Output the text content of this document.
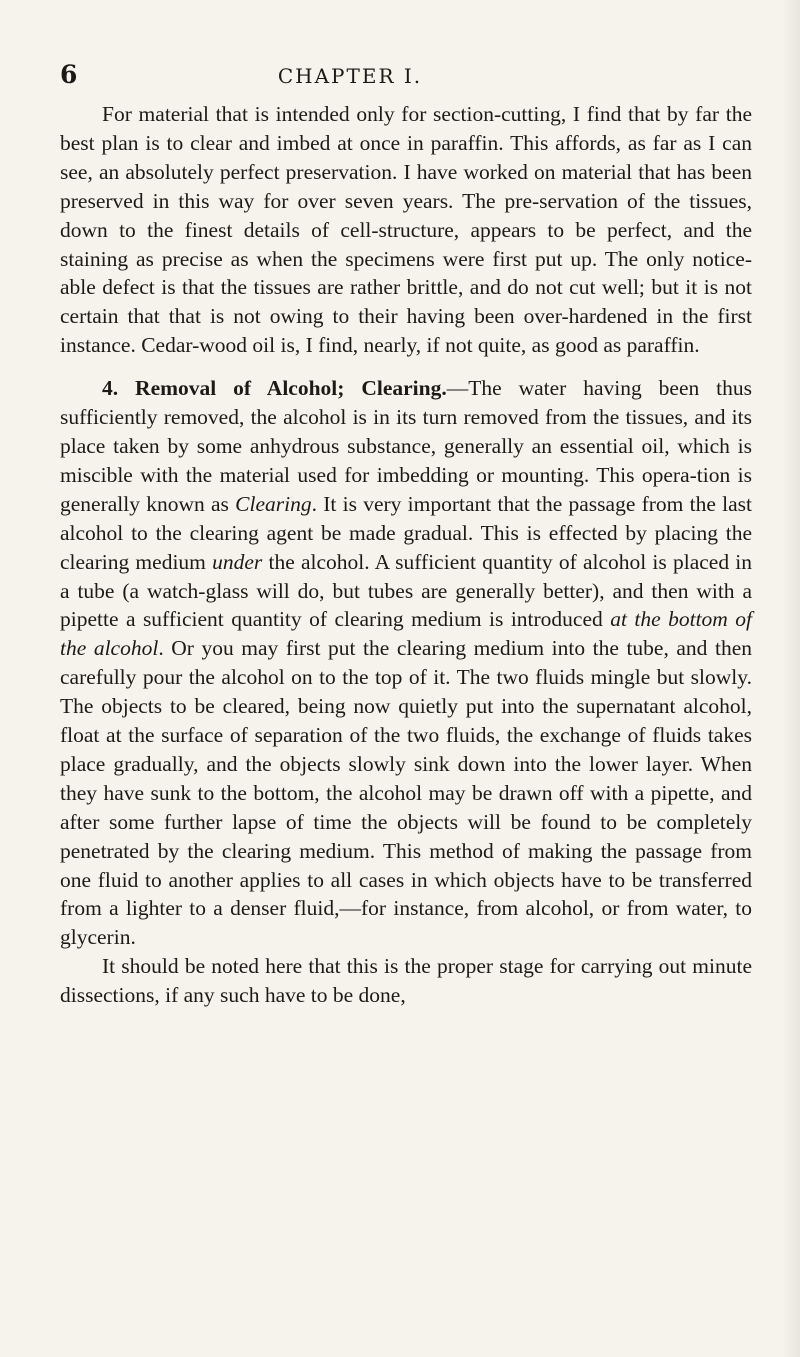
6	CHAPTER I.

For material that is intended only for section-cutting, I find that by far the best plan is to clear and imbed at once in paraffin. This affords, as far as I can see, an absolutely perfect preservation. I have worked on material that has been preserved in this way for over seven years. The pre-servation of the tissues, down to the finest details of cell-structure, appears to be perfect, and the staining as precise as when the specimens were first put up. The only notice-able defect is that the tissues are rather brittle, and do not cut well; but it is not certain that that is not owing to their having been over-hardened in the first instance. Cedar-wood oil is, I find, nearly, if not quite, as good as paraffin.

4. Removal of Alcohol; Clearing.—The water having been thus sufficiently removed, the alcohol is in its turn removed from the tissues, and its place taken by some anhydrous substance, generally an essential oil, which is miscible with the material used for imbedding or mounting. This opera-tion is generally known as Clearing. It is very important that the passage from the last alcohol to the clearing agent be made gradual. This is effected by placing the clearing medium under the alcohol. A sufficient quantity of alcohol is placed in a tube (a watch-glass will do, but tubes are generally better), and then with a pipette a sufficient quantity of clearing medium is introduced at the bottom of the alcohol. Or you may first put the clearing medium into the tube, and then carefully pour the alcohol on to the top of it. The two fluids mingle but slowly. The objects to be cleared, being now quietly put into the supernatant alcohol, float at the surface of separation of the two fluids, the exchange of fluids takes place gradually, and the objects slowly sink down into the lower layer. When they have sunk to the bottom, the alcohol may be drawn off with a pipette, and after some further lapse of time the objects will be found to be completely penetrated by the clearing medium. This method of making the passage from one fluid to another applies to all cases in which objects have to be transferred from a lighter to a denser fluid,—for instance, from alcohol, or from water, to glycerin.

It should be noted here that this is the proper stage for carrying out minute dissections, if any such have to be done,
